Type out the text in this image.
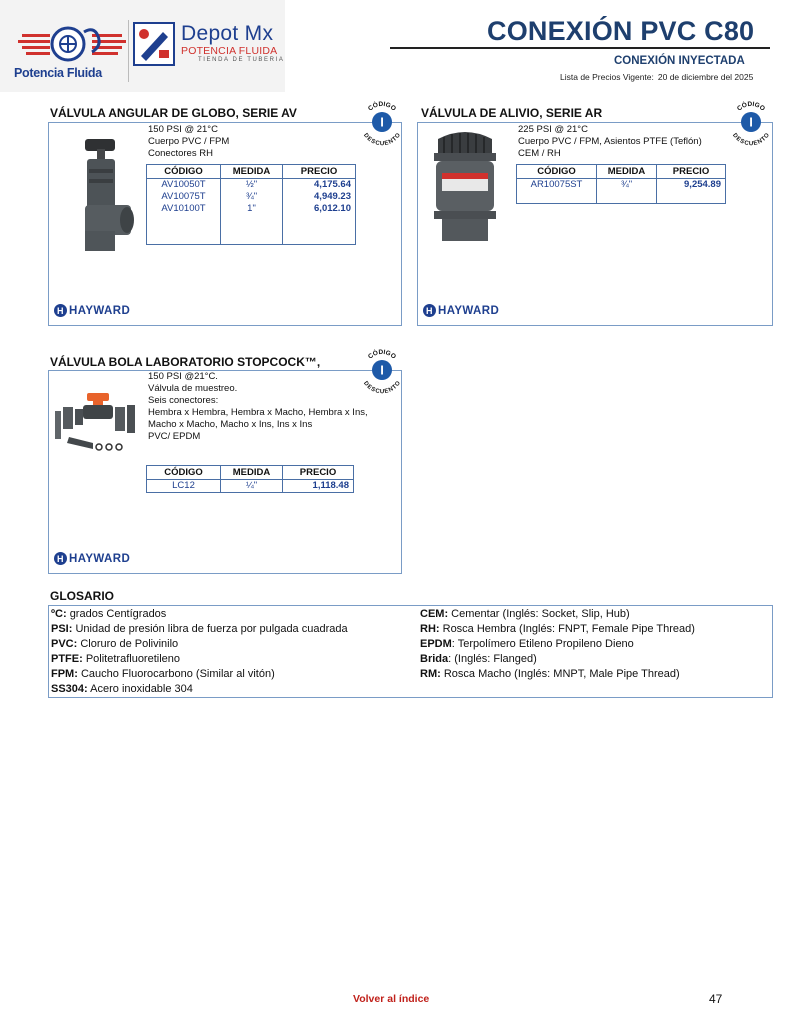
Potencia Fluida
Depot Mx
POTENCIA FLUIDA
TIENDA DE TUBERIA
CONEXIÓN PVC C80
CONEXIÓN INYECTADA
Lista de Precios Vigente: 20 de diciembre del 2025
VÁLVULA ANGULAR DE GLOBO, SERIE AV
150 PSI @ 21°C
Cuerpo PVC / FPM
Conectores RH
CÓDIGO	MEDIDA	PRECIO
AV10050T	½"	4,175.64
AV10075T	¾"	4,949.23
AV10100T	1"	6,012.10
H HAYWARD
CÓDIGO
I
DESCUENTO
VÁLVULA DE ALIVIO, SERIE AR
225 PSI @ 21°C
Cuerpo PVC / FPM, Asientos PTFE (Teflón)
CEM / RH
CÓDIGO	MEDIDA	PRECIO
AR10075ST	¾"	9,254.89
H HAYWARD
CÓDIGO
I
DESCUENTO
VÁLVULA BOLA LABORATORIO STOPCOCK™,
150 PSI @21°C.
Válvula de muestreo.
Seis conectores:
Hembra x Hembra, Hembra x Macho, Hembra x Ins,
Macho x Macho, Macho x Ins, Ins x Ins
PVC/ EPDM
CÓDIGO	MEDIDA	PRECIO
LC12	¼"	1,118.48
H HAYWARD
CÓDIGO
I
DESCUENTO
GLOSARIO
ºC: grados Centígrados
PSI: Unidad de presión libra de fuerza por pulgada cuadrada
PVC: Cloruro de Polivinilo
PTFE: Politetrafluoretileno
FPM: Caucho Fluorocarbono (Similar al vitón)
SS304: Acero inoxidable 304
CEM: Cementar (Inglés: Socket, Slip, Hub)
RH: Rosca Hembra (Inglés: FNPT, Female Pipe Thread)
EPDM: Terpolímero Etileno Propileno Dieno
Brida: (Inglés: Flanged)
RM: Rosca Macho (Inglés: MNPT, Male Pipe Thread)
Volver al índice	47
